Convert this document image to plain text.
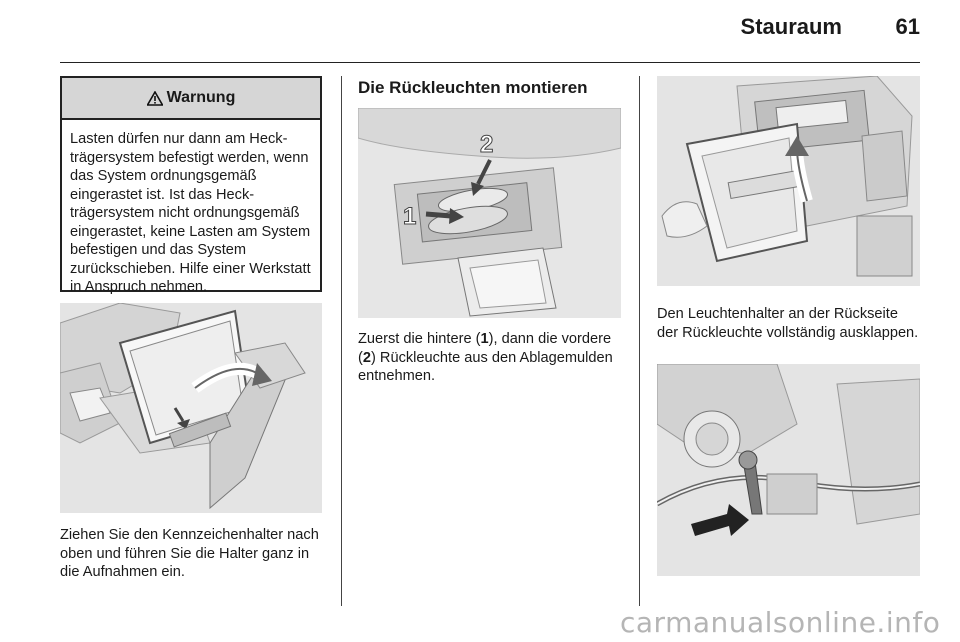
Stauraum	61
Warnung
Lasten dürfen nur dann am Heckträgersystem befestigt werden, wenn das System ordnungsgemäß eingerastet ist. Ist das Heckträgersystem nicht ordnungsgemäß eingerastet, keine Lasten am System befestigen und das System zurückschieben. Hilfe einer Werkstatt in Anspruch nehmen.
Ziehen Sie den Kennzeichenhalter nach oben und führen Sie die Halter ganz in die Aufnahmen ein.
Die Rückleuchten montieren
2
1
Zuerst die hintere (1), dann die vordere (2) Rückleuchte aus den Ablagemulden entnehmen.
Den Leuchtenhalter an der Rückseite der Rückleuchte vollständig ausklappen.
carmanualsonline.info
